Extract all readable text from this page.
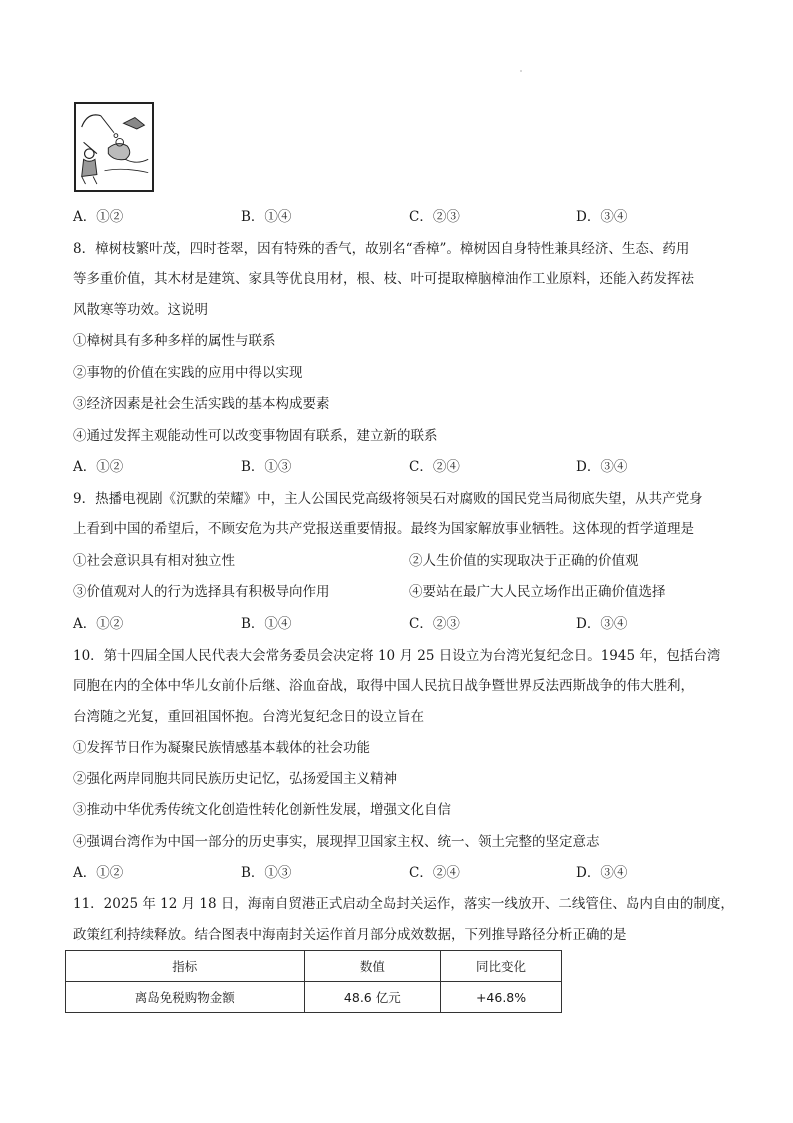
A．①②	B．①④	C．②③	D．③④
8．樟树枝繁叶茂，四时苍翠，因有特殊的香气，故别名“香樟”。樟树因自身特性兼具经济、生态、药用
等多重价值，其木材是建筑、家具等优良用材，根、枝、叶可提取樟脑樟油作工业原料，还能入药发挥祛
风散寒等功效。这说明
①樟树具有多种多样的属性与联系
②事物的价值在实践的应用中得以实现
③经济因素是社会生活实践的基本构成要素
④通过发挥主观能动性可以改变事物固有联系，建立新的联系
A．①②	B．①③	C．②④	D．③④
9．热播电视剧《沉默的荣耀》中，主人公国民党高级将领吴石对腐败的国民党当局彻底失望，从共产党身
上看到中国的希望后，不顾安危为共产党报送重要情报。最终为国家解放事业牺牲。这体现的哲学道理是
①社会意识具有相对独立性	②人生价值的实现取决于正确的价值观
③价值观对人的行为选择具有积极导向作用	④要站在最广大人民立场作出正确价值选择
A．①②	B．①④	C．②③	D．③④
10．第十四届全国人民代表大会常务委员会决定将 10 月 25 日设立为台湾光复纪念日。1945 年，包括台湾
同胞在内的全体中华儿女前仆后继、浴血奋战，取得中国人民抗日战争暨世界反法西斯战争的伟大胜利，
台湾随之光复，重回祖国怀抱。台湾光复纪念日的设立旨在
①发挥节日作为凝聚民族情感基本载体的社会功能
②强化两岸同胞共同民族历史记忆，弘扬爱国主义精神
③推动中华优秀传统文化创造性转化创新性发展，增强文化自信
④强调台湾作为中国一部分的历史事实，展现捍卫国家主权、统一、领土完整的坚定意志
A．①②	B．①③	C．②④	D．③④
11．2025 年 12 月 18 日，海南自贸港正式启动全岛封关运作，落实一线放开、二线管住、岛内自由的制度，
政策红利持续释放。结合图表中海南封关运作首月部分成效数据，下列推导路径分析正确的是
指标	数值	同比变化
离岛免税购物金额	48.6 亿元	+46.8%
